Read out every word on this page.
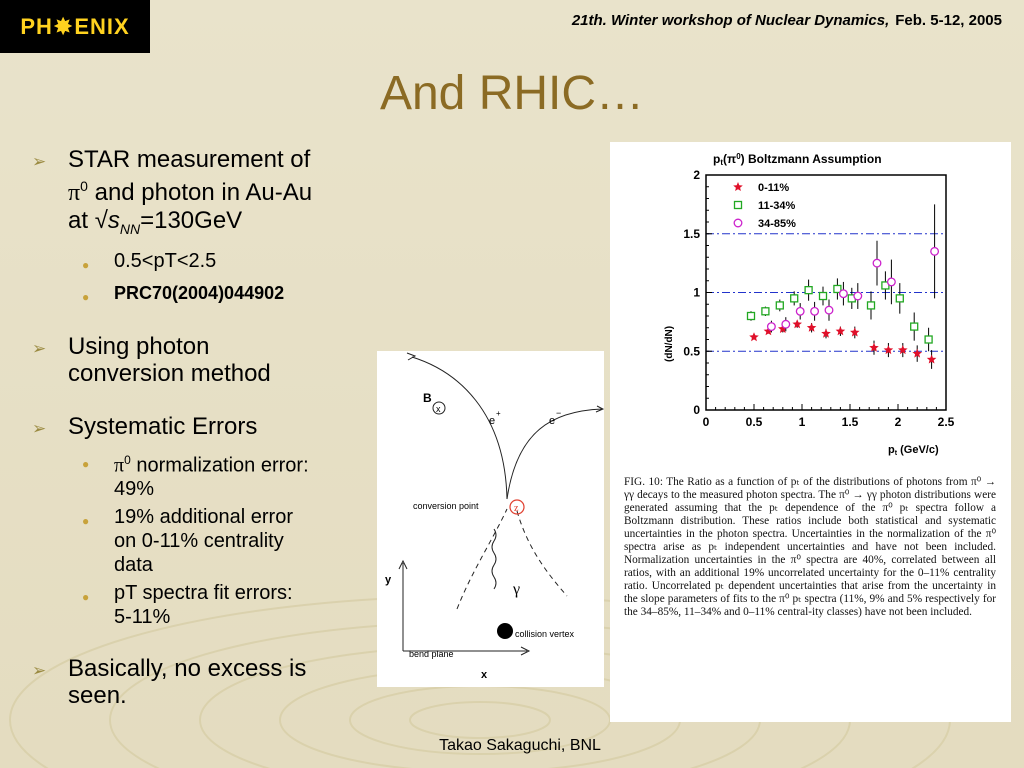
PH ✸ ENIX	21th. Winter workshop of Nuclear Dynamics, Feb. 5-12, 2005
And RHIC…
➢ STAR measurement of
$\pi^0$ and photon in Au-Au
at $√s_{NN}=130GeV$
●	0.5<pT<2.5
●	PRC70(2004)044902
➢ Using photon
conversion method
➢ Systematic Errors
●	$\pi^0$ normalization error:
49%
●	19% additional error
on 0-11% centrality
data
●	pT spectra fit errors:
5-11%
➢ Basically, no excess is
seen.
B
x
e
+
e
−
conversion point	z
γ
collision vertex
y
bend plane
x
$pt(\pi^0)$ Boltzmann Assumption
(dN/dN)
pt (GeV/c)
0	0.5	1	1.5	2	2.5
0
0.5
1
1.5
2
0-11%
11-34%
34-85%
FIG. 10: The Ratio as a function of pₜ of the distributions of photons from π⁰ → γγ decays to the measured photon spectra. The π⁰ → γγ photon distributions were generated assuming that the pₜ dependence of the π⁰ pₜ spectra follow a Boltzmann distribution. These ratios include both statistical and systematic uncertainties in the photon spectra. Uncertainties in the normalization of the π⁰ spectra arise as pₜ independent uncertainties and have not been included. Normalization uncertainties in the π⁰ spectra are 40%, correlated between all ratios, with an additional 19% uncorrelated uncertainty for the 0–11% centrality ratio. Uncorrelated pₜ dependent uncertainties that arise from the uncertainty in the slope parameters of fits to the π⁰ pₜ spectra (11%, 9% and 5% respectively for the 34–85%, 11–34% and 0–11% central-ity classes) have not been included.
Takao Sakaguchi, BNL
